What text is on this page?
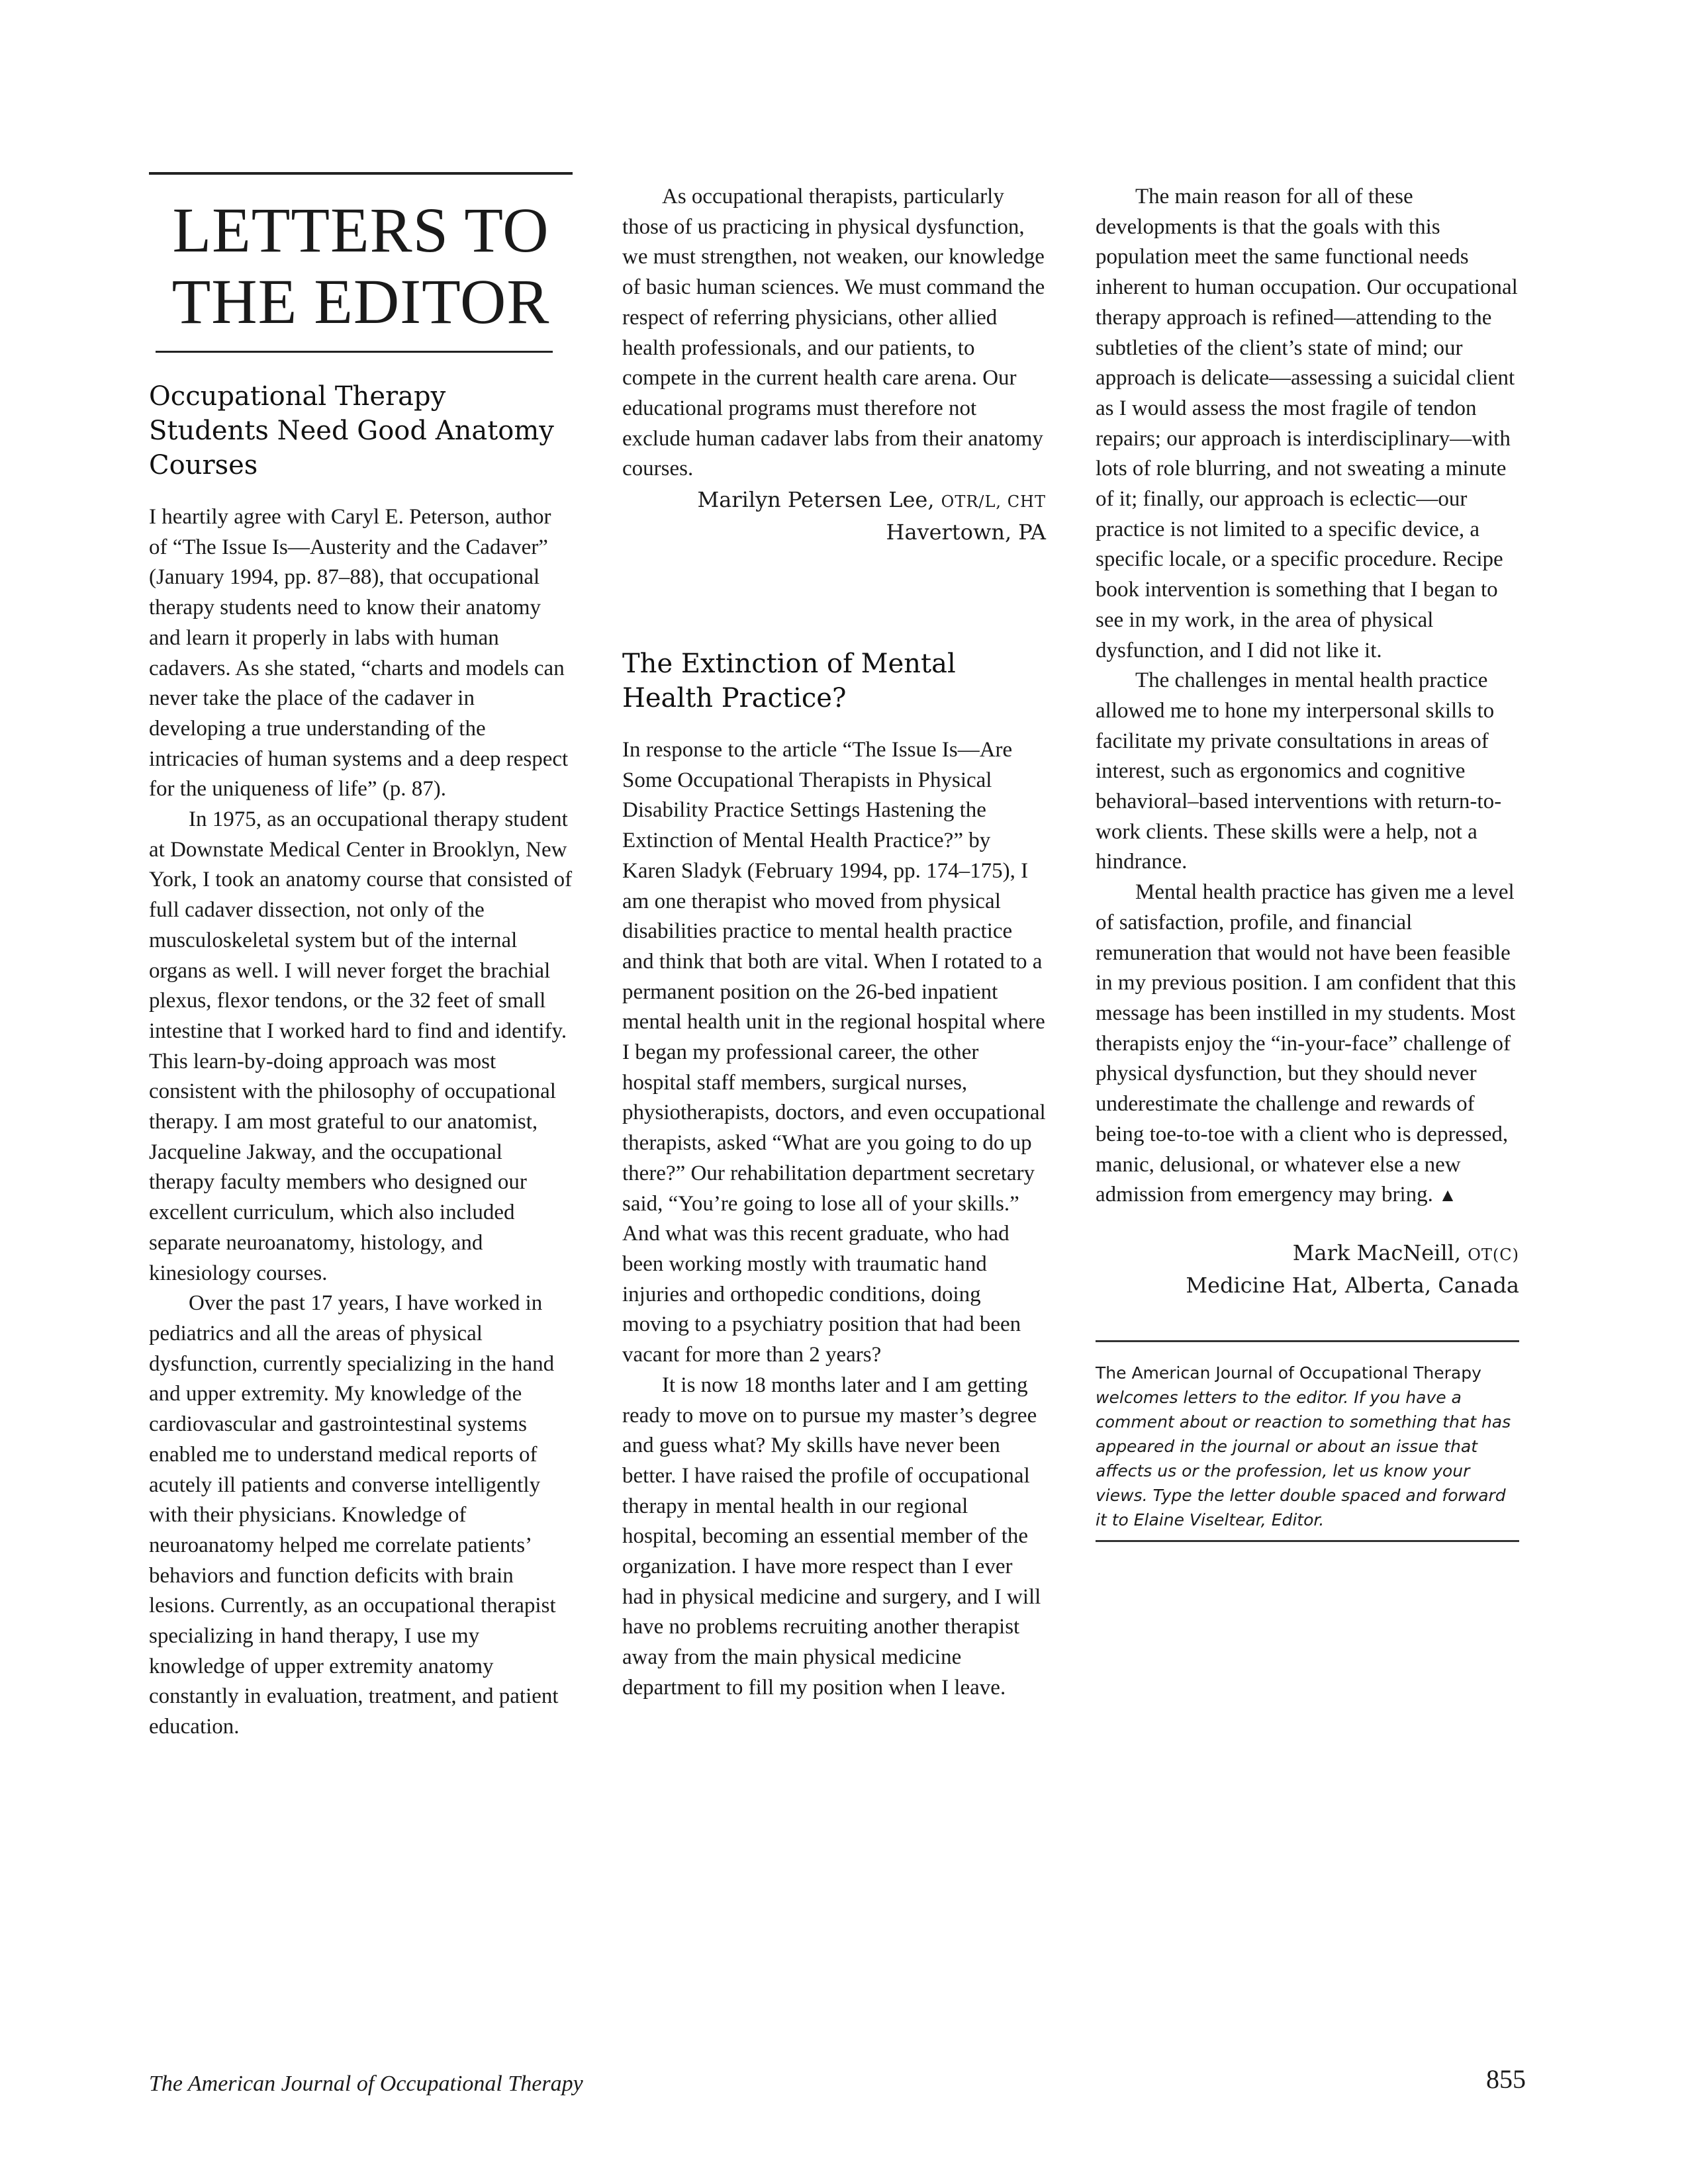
LETTERS TO
THE EDITOR
Occupational Therapy Students Need Good Anatomy Courses

I heartily agree with Caryl E. Peterson, author of “The Issue Is—Austerity and the Cadaver” (January 1994, pp. 87–88), that occupational therapy students need to know their anatomy and learn it properly in labs with human cadavers. As she stated, “charts and models can never take the place of the cadaver in developing a true understanding of the intricacies of human systems and a deep respect for the uniqueness of life” (p. 87).

In 1975, as an occupational therapy student at Downstate Medical Center in Brooklyn, New York, I took an anatomy course that consisted of full cadaver dissection, not only of the musculoskeletal system but of the internal organs as well. I will never forget the brachial plexus, flexor tendons, or the 32 feet of small intestine that I worked hard to find and identify. This learn-by-doing approach was most consistent with the philosophy of occupational therapy. I am most grateful to our anatomist, Jacqueline Jakway, and the occupational therapy faculty members who designed our excellent curriculum, which also included separate neuroanatomy, histology, and kinesiology courses.

Over the past 17 years, I have worked in pediatrics and all the areas of physical dysfunction, currently specializing in the hand and upper extremity. My knowledge of the cardiovascular and gastrointestinal systems enabled me to understand medical reports of acutely ill patients and converse intelligently with their physicians. Knowledge of neuroanatomy helped me correlate patients’ behaviors and function deficits with brain lesions. Currently, as an occupational therapist specializing in hand therapy, I use my knowledge of upper extremity anatomy constantly in evaluation, treatment, and patient education.

As occupational therapists, particularly those of us practicing in physical dysfunction, we must strengthen, not weaken, our knowledge of basic human sciences. We must command the respect of referring physicians, other allied health professionals, and our patients, to compete in the current health care arena. Our educational programs must therefore not exclude human cadaver labs from their anatomy courses.

Marilyn Petersen Lee, OTR/L, CHT
Havertown, PA
The Extinction of Mental Health Practice?

In response to the article “The Issue Is—Are Some Occupational Therapists in Physical Disability Practice Settings Hastening the Extinction of Mental Health Practice?” by Karen Sladyk (February 1994, pp. 174–175), I am one therapist who moved from physical disabilities practice to mental health practice and think that both are vital. When I rotated to a permanent position on the 26-bed inpatient mental health unit in the regional hospital where I began my professional career, the other hospital staff members, surgical nurses, physiotherapists, doctors, and even occupational therapists, asked “What are you going to do up there?” Our rehabilitation department secretary said, “You’re going to lose all of your skills.” And what was this recent graduate, who had been working mostly with traumatic hand injuries and orthopedic conditions, doing moving to a psychiatry position that had been vacant for more than 2 years?

It is now 18 months later and I am getting ready to move on to pursue my master’s degree and guess what? My skills have never been better. I have raised the profile of occupational therapy in mental health in our regional hospital, becoming an essential member of the organization. I have more respect than I ever had in physical medicine and surgery, and I will have no problems recruiting another therapist away from the main physical medicine department to fill my position when I leave.

The main reason for all of these developments is that the goals with this population meet the same functional needs inherent to human occupation. Our occupational therapy approach is refined—attending to the subtleties of the client’s state of mind; our approach is delicate—assessing a suicidal client as I would assess the most fragile of tendon repairs; our approach is interdisciplinary—with lots of role blurring, and not sweating a minute of it; finally, our approach is eclectic—our practice is not limited to a specific device, a specific locale, or a specific procedure. Recipe book intervention is something that I began to see in my work, in the area of physical dysfunction, and I did not like it.

The challenges in mental health practice allowed me to hone my interpersonal skills to facilitate my private consultations in areas of interest, such as ergonomics and cognitive behavioral–based interventions with return-to-work clients. These skills were a help, not a hindrance.

Mental health practice has given me a level of satisfaction, profile, and financial remuneration that would not have been feasible in my previous position. I am confident that this message has been instilled in my students. Most therapists enjoy the “in-your-face” challenge of physical dysfunction, but they should never underestimate the challenge and rewards of being toe-to-toe with a client who is depressed, manic, delusional, or whatever else a new admission from emergency may bring. ▲

Mark MacNeill, OT(C)
Medicine Hat, Alberta, Canada
The American Journal of Occupational Therapy welcomes letters to the editor. If you have a comment about or reaction to something that has appeared in the journal or about an issue that affects us or the profession, let us know your views. Type the letter double spaced and forward it to Elaine Viseltear, Editor.
The American Journal of Occupational Therapy	855
